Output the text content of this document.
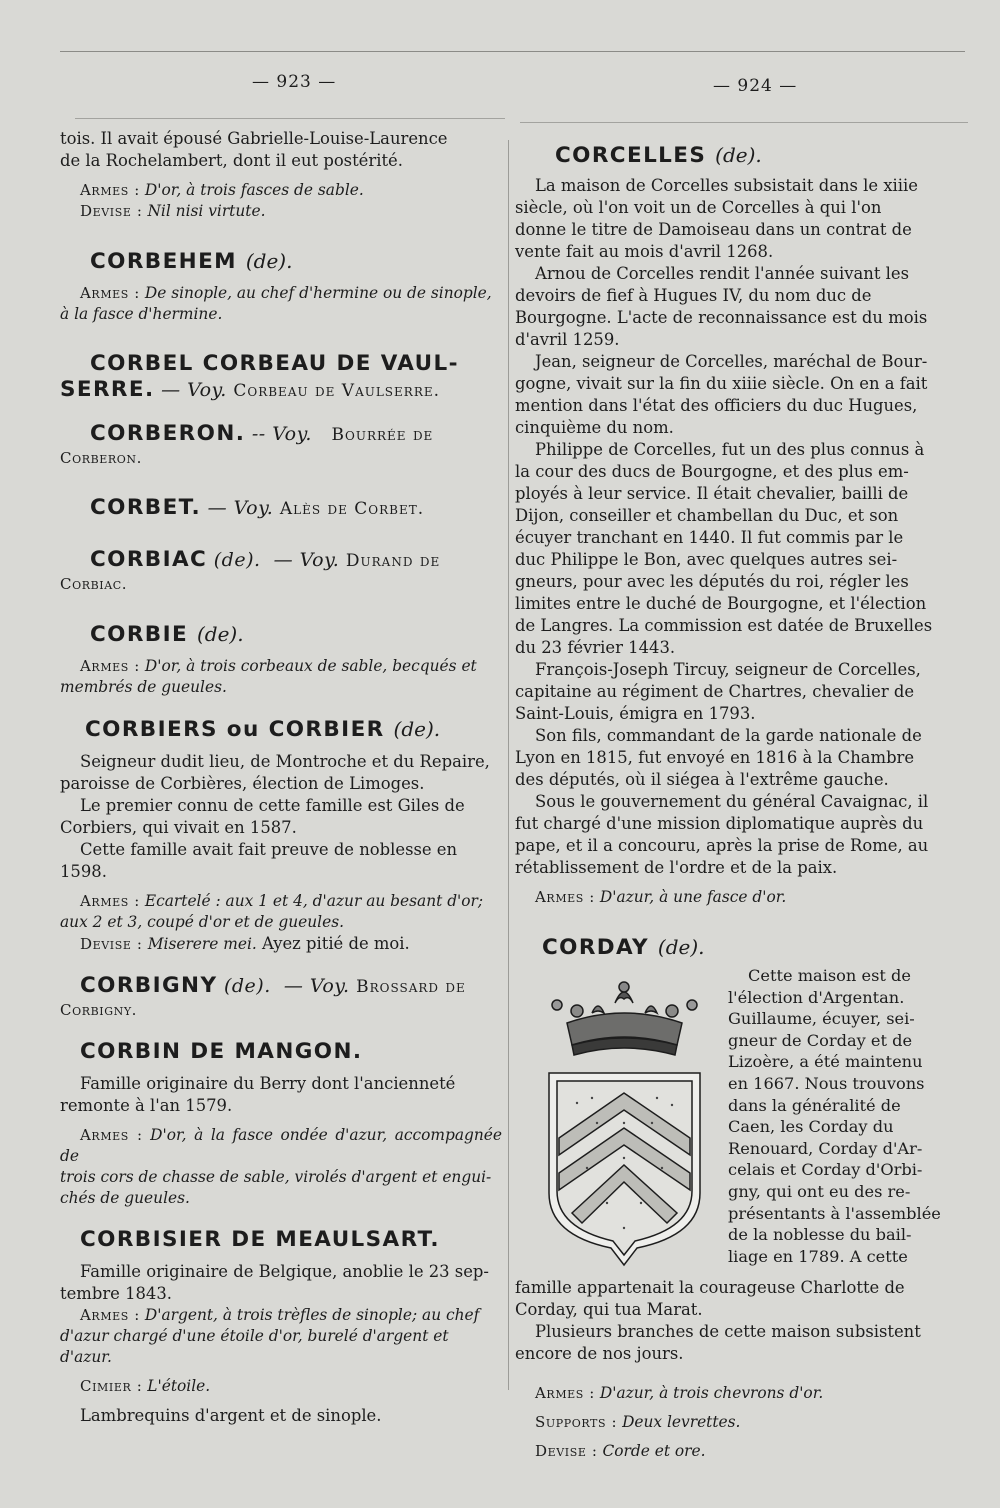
— 923 —	— 924 —

tois. Il avait épousé Gabrielle-Louise-Laurence

de la Rochelambert, dont il eut postérité.

Armes : D'or, à trois fasces de sable.

Devise : Nil nisi virtute.

CORBEHEM (de).

Armes : De sinople, au chef d'hermine ou de sinople,

à la fasce d'hermine.

CORBEL CORBEAU DE VAUL-
SERRE. — Voy. Corbeau de Vaulserre.
CORBERON. -- Voy. Bourrée de

Corberon.

CORBET. — Voy. Alès de Corbet.
CORBIAC (de). — Voy. Durand de

Corbiac.

CORBIE (de).

Armes : D'or, à trois corbeaux de sable, becqués et

membrés de gueules.

CORBIERS ou CORBIER (de).

Seigneur dudit lieu, de Montroche et du Repaire,

paroisse de Corbières, élection de Limoges.

Le premier connu de cette famille est Giles de

Corbiers, qui vivait en 1587.

Cette famille avait fait preuve de noblesse en

1598.

Armes : Ecartelé : aux 1 et 4, d'azur au besant d'or;

aux 2 et 3, coupé d'or et de gueules.

Devise : Miserere mei. Ayez pitié de moi.

CORBIGNY (de). — Voy. Brossard de

Corbigny.

CORBIN DE MANGON.

Famille originaire du Berry dont l'ancienneté

remonte à l'an 1579.

Armes : D'or, à la fasce ondée d'azur, accompagnée de

trois cors de chasse de sable, virolés d'argent et engui-

chés de gueules.

CORBISIER DE MEAULSART.

Famille originaire de Belgique, anoblie le 23 sep-

tembre 1843.

Armes : D'argent, à trois trèfles de sinople; au chef

d'azur chargé d'une étoile d'or, burelé d'argent et

d'azur.

Cimier : L'étoile.

Lambrequins d'argent et de sinople.

CORCELLES (de).

La maison de Corcelles subsistait dans le xiiie

siècle, où l'on voit un de Corcelles à qui l'on

donne le titre de Damoiseau dans un contrat de

vente fait au mois d'avril 1268.

Arnou de Corcelles rendit l'année suivant les

devoirs de fief à Hugues IV, du nom duc de

Bourgogne. L'acte de reconnaissance est du mois

d'avril 1259.

Jean, seigneur de Corcelles, maréchal de Bour-

gogne, vivait sur la fin du xiiie siècle. On en a fait

mention dans l'état des officiers du duc Hugues,

cinquième du nom.

Philippe de Corcelles, fut un des plus connus à

la cour des ducs de Bourgogne, et des plus em-

ployés à leur service. Il était chevalier, bailli de

Dijon, conseiller et chambellan du Duc, et son

écuyer tranchant en 1440. Il fut commis par le

duc Philippe le Bon, avec quelques autres sei-

gneurs, pour avec les députés du roi, régler les

limites entre le duché de Bourgogne, et l'élection

de Langres. La commission est datée de Bruxelles

du 23 février 1443.

François-Joseph Tircuy, seigneur de Corcelles,

capitaine au régiment de Chartres, chevalier de

Saint-Louis, émigra en 1793.

Son fils, commandant de la garde nationale de

Lyon en 1815, fut envoyé en 1816 à la Chambre

des députés, où il siégea à l'extrême gauche.

Sous le gouvernement du général Cavaignac, il

fut chargé d'une mission diplomatique auprès du

pape, et il a concouru, après la prise de Rome, au

rétablissement de l'ordre et de la paix.

Armes : D'azur, à une fasce d'or.

CORDAY (de).

Cette maison est de

l'élection d'Argentan.

Guillaume, écuyer, sei-

gneur de Corday et de

Lizoère, a été maintenu

en 1667. Nous trouvons

dans la généralité de

Caen, les Corday du

Renouard, Corday d'Ar-

celais et Corday d'Orbi-

gny, qui ont eu des re-

présentants à l'assemblée

de la noblesse du bail-

liage en 1789. A cette

famille appartenait la courageuse Charlotte de

Corday, qui tua Marat.

Plusieurs branches de cette maison subsistent

encore de nos jours.

Armes : D'azur, à trois chevrons d'or.

Supports : Deux levrettes.

Devise : Corde et ore.
